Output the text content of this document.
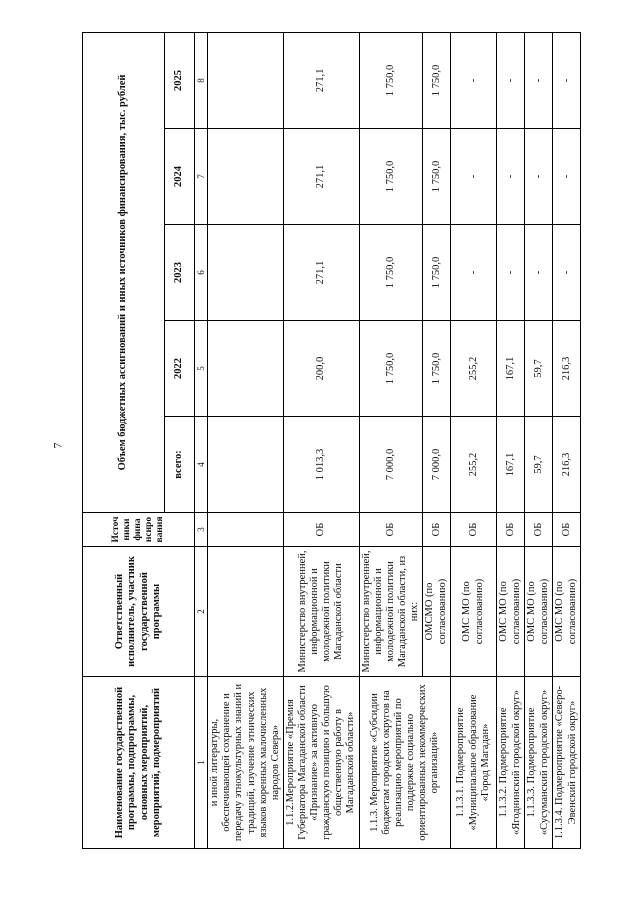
7
Наименование государственной программы, подпрограммы, основных мероприятий, мероприятий, подмероприятий	Ответственный исполнитель, участник государственной программы	Источники финансирования	Объем бюджетных ассигнований и иных источников финансирования, тыс. рублей				
			всего:	2022	2023	2024	2025
1	2	3	4	5	6	7	8
и иной литературы, обеспечивающей сохранение и передачу этнокультурных знаний и традиций, изучение этнических языков коренных малочисленных народов Севера»							
1.1.2.Мероприятие «Премия Губернатора Магаданской области «Признание» за активную гражданскую позицию и большую общественную работу в Магаданской области»	Министерство внутренней, информационной и молодежной политики Магаданской области	ОБ	1 013,3	200,0	271,1	271,1	271,1
1.1.3. Мероприятие «Субсидии бюджетам городских округов на реализацию мероприятий по поддержке социально ориентированных некоммерческих организаций»	Министерство внутренней, информационной и молодежной политики Магаданской области, из них:	ОБ	7 000,0	1 750,0	1 750,0	1 750,0	1 750,0
	ОМСМО (по согласованию)	ОБ	7 000,0	1 750,0	1 750,0	1 750,0	1 750,0
1.1.3.1. Подмероприятие «Муниципальное образование «Город Магадан»	ОМС МО (по согласованию)	ОБ	255,2	255,2	-	-	-
1.1.3.2. Подмероприятие «Ягоднинский городской округ»	ОМС МО (по согласованию)	ОБ	167,1	167,1	-	-	-
1.1.3.3. Подмероприятие «Сусуманский городской округ»	ОМС МО (по согласованию)	ОБ	59,7	59,7	-	-	-
1.1.3.4. Подмероприятие «Северо-Эвенский городской округ»	ОМС МО (по согласованию)	ОБ	216,3	216,3	-	-	-
